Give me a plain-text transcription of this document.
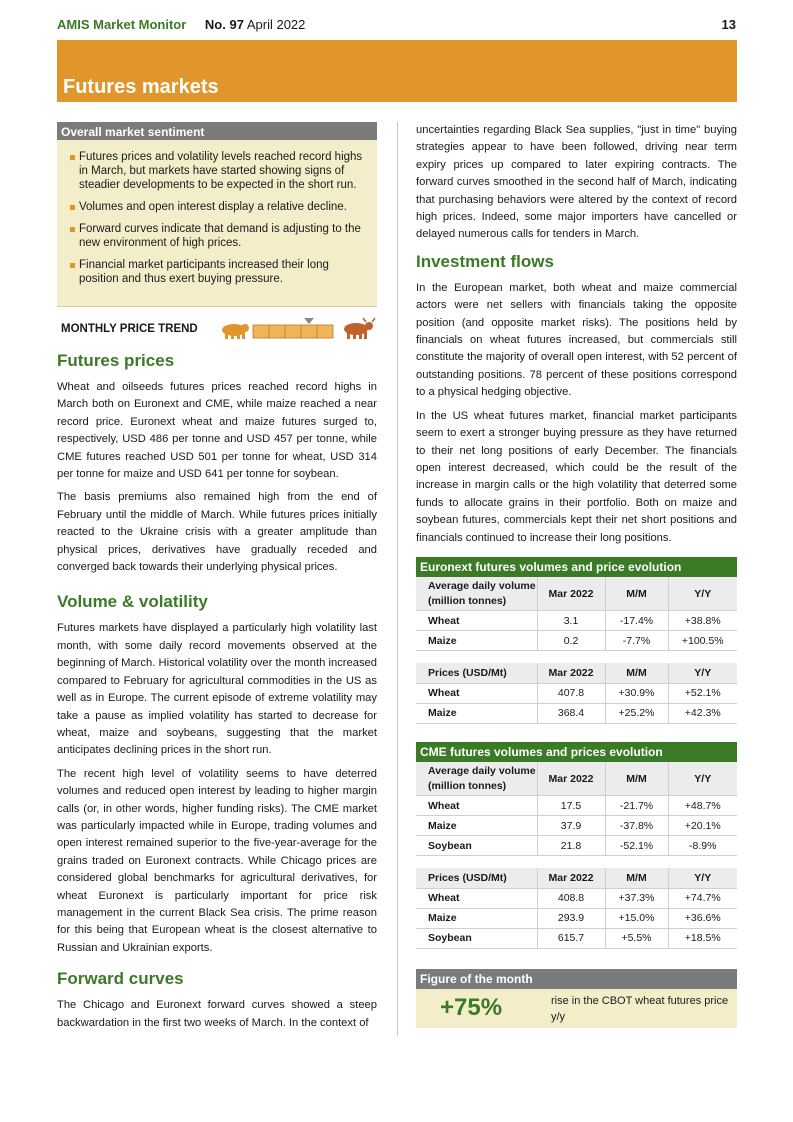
AMIS Market Monitor No. 97 April 2022	13
Futures markets
Overall market sentiment
Futures prices and volatility levels reached record highs in March, but markets have started showing signs of steadier developments to be expected in the short run.
Volumes and open interest display a relative decline.
Forward curves indicate that demand is adjusting to the new environment of high prices.
Financial market participants increased their long position and thus exert buying pressure.
MONTHLY PRICE TREND
Futures prices

Wheat and oilseeds futures prices reached record highs in March both on Euronext and CME, while maize reached a near record price. Euronext wheat and maize futures surged to, respectively, USD 486 per tonne and USD 457 per tonne, while CME futures reached USD 501 per tonne for wheat, USD 314 per tonne for maize and USD 641 per tonne for soybean.

The basis premiums also remained high from the end of February until the middle of March. While futures prices initially reacted to the Ukraine crisis with a greater amplitude than physical prices, derivatives have gradually receded and converged back towards their underlying physical prices.

Volume & volatility

Futures markets have displayed a particularly high volatility last month, with some daily record movements observed at the beginning of March. Historical volatility over the month increased compared to February for agricultural commodities in the US as well as in Europe. The current episode of extreme volatility may take a pause as implied volatility has started to decrease for wheat, maize and soybeans, suggesting that the market anticipates declining prices in the short run.

The recent high level of volatility seems to have deterred volumes and reduced open interest by leading to higher margin calls (or, in other words, higher funding risks). The CME market was particularly impacted while in Europe, trading volumes and open interest remained superior to the five-year-average for the grains traded on Euronext contracts. While Chicago prices are considered global benchmarks for agricultural derivatives, for wheat Euronext is particularly important for price risk management in the current Black Sea crisis. The prime reason for this being that European wheat is the closest alternative to Russian and Ukrainian exports.

Forward curves

The Chicago and Euronext forward curves showed a steep backwardation in the first two weeks of March. In the context of

uncertainties regarding Black Sea supplies, "just in time" buying strategies appear to have been followed, driving near term expiry prices up compared to later expiring contracts. The forward curves smoothed in the second half of March, indicating that purchasing behaviors were altered by the context of record high prices. Indeed, some major importers have cancelled or delayed numerous calls for tenders in March.

Investment flows

In the European market, both wheat and maize commercial actors were net sellers with financials taking the opposite position (and opposite market risks). The positions held by financials on wheat futures increased, but commercials still constitute the majority of overall open interest, with 52 percent of outstanding positions. 78 percent of these positions correspond to a physical hedging objective.

In the US wheat futures market, financial market participants seem to exert a stronger buying pressure as they have returned to their net long positions of early December. The financials open interest decreased, which could be the result of the increase in margin calls or the high volatility that deterred some funds to allocate grains in their portfolio. Both on maize and soybean futures, commercials kept their net short positions and financials continued to increase their long positions.

Euronext futures volumes and price evolution
Average daily volume (million tonnes)	Mar 2022	M/M	Y/Y
Wheat	3.1	-17.4%	+38.8%
Maize	0.2	-7.7%	+100.5%
Prices (USD/Mt)	Mar 2022	M/M	Y/Y
Wheat	407.8	+30.9%	+52.1%
Maize	368.4	+25.2%	+42.3%
CME futures volumes and prices evolution
Average daily volume (million tonnes)	Mar 2022	M/M	Y/Y
Wheat	17.5	-21.7%	+48.7%
Maize	37.9	-37.8%	+20.1%
Soybean	21.8	-52.1%	-8.9%
Prices (USD/Mt)	Mar 2022	M/M	Y/Y
Wheat	408.8	+37.3%	+74.7%
Maize	293.9	+15.0%	+36.6%
Soybean	615.7	+5.5%	+18.5%
Figure of the month
+75%	rise in the CBOT wheat futures price y/y
